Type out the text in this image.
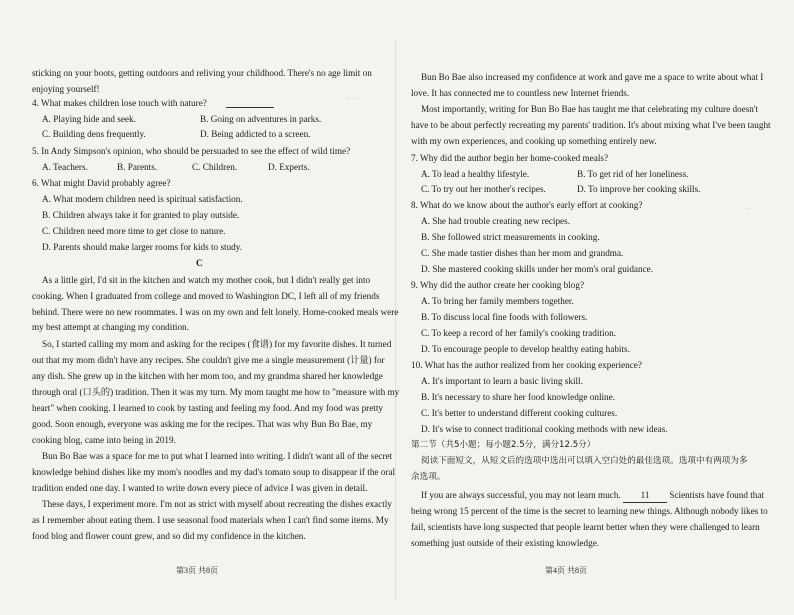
··· ···
···
sticking on your boots, getting outdoors and reliving your childhood. There's no age limit on
enjoying yourself!
4. What makes children lose touch with nature?
A. Playing hide and seek.	B. Going on adventures in parks.
C. Building dens frequently.	D. Being addicted to a screen.
5. In Andy Simpson's opinion, who should be persuaded to see the effect of wild time?
A. Teachers.	B. Parents.	C. Children.	D. Experts.
6. What might David probably agree?
A. What modern children need is spiritual satisfaction.
B. Children always take it for granted to play outside.
C. Children need more time to get close to nature.
D. Parents should make larger rooms for kids to study.
C
As a little girl, I'd sit in the kitchen and watch my mother cook, but I didn't really get into
cooking. When I graduated from college and moved to Washington DC, I left all of my friends
behind. There were no new roommates. I was on my own and felt lonely. Home-cooked meals were
my best attempt at changing my condition.
So, I started calling my mom and asking for the recipes (食谱) for my favorite dishes. It turned
out that my mom didn't have any recipes. She couldn't give me a single measurement (计量) for
any dish. She grew up in the kitchen with her mom too, and my grandma shared her knowledge
through oral (口头的) tradition. Then it was my turn. My mom taught me how to "measure with my
heart" when cooking. I learned to cook by tasting and feeling my food. And my food was pretty
good. Soon enough, everyone was asking me for the recipes. That was why Bun Bo Bae, my
cooking blog, came into being in 2019.
Bun Bo Bae was a space for me to put what I learned into writing. I didn't want all of the secret
knowledge behind dishes like my mom's noodles and my dad's tomato soup to disappear if the oral
tradition ended one day. I wanted to write down every piece of advice I was given in detail.
These days, I experiment more. I'm not as strict with myself about recreating the dishes exactly
as I remember about eating them. I use seasonal food materials when I can't find some items. My
food blog and flower count grew, and so did my confidence in the kitchen.
第3页 共8页
Bun Bo Bae also increased my confidence at work and gave me a space to write about what I
love. It has connected me to countless new Internet friends.
Most importantly, writing for Bun Bo Bae has taught me that celebrating my culture doesn't
have to be about perfectly recreating my parents' tradition. It's about mixing what I've been taught
with my own experiences, and cooking up something entirely new.
7. Why did the author begin her home-cooked meals?
A. To lead a healthy lifestyle.	B. To get rid of her loneliness.
C. To try out her mother's recipes.	D. To improve her cooking skills.
8. What do we know about the author's early effort at cooking?
A. She had trouble creating new recipes.
B. She followed strict measurements in cooking.
C. She made tastier dishes than her mom and grandma.
D. She mastered cooking skills under her mom's oral guidance.
9. Why did the author create her cooking blog?
A. To bring her family members together.
B. To discuss local fine foods with followers.
C. To keep a record of her family's cooking tradition.
D. To encourage people to develop healthy eating habits.
10. What has the author realized from her cooking experience?
A. It's important to learn a basic living skill.
B. It's necessary to share her food knowledge online.
C. It's better to understand different cooking cultures.
D. It's wise to connect traditional cooking methods with new ideas.
第二节（共5小题；每小题2.5分，满分12.5分）
阅读下面短文，从短文后的选项中选出可以填入空白处的最佳选项。选项中有两项为多
余选项。
If you are always successful, you may not learn much. 11 Scientists have found that
being wrong 15 percent of the time is the secret to learning new things. Although nobody likes to
fail, scientists have long suspected that people learnt better when they were challenged to learn
something just outside of their existing knowledge.
第4页 共8页
